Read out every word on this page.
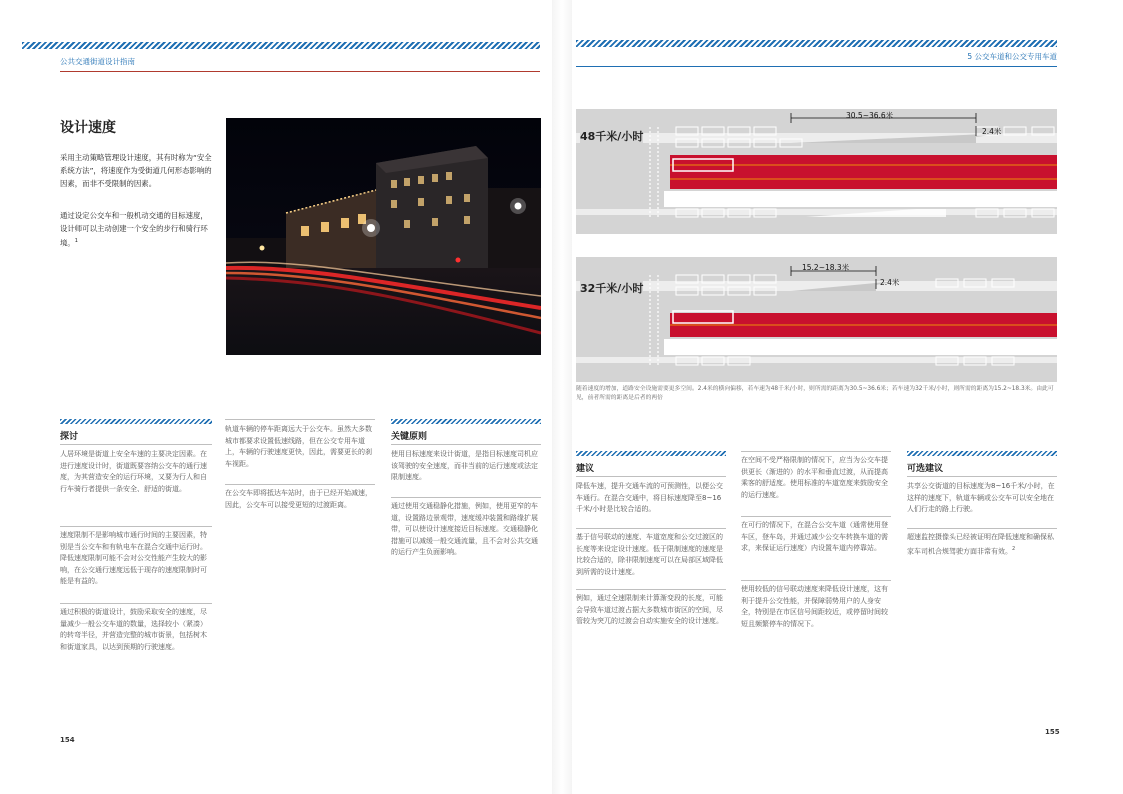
公共交通街道设计指南
设计速度
采用主动策略管理设计速度，其有时称为“安全系统方法”，将速度作为受街道几何形态影响的因素，而非不受限制的因素。
通过设定公交车和一般机动交通的目标速度，设计师可以主动创建一个安全的步行和骑行环境。$^1$
探讨
人居环境是街道上安全车速的主要决定因素。在进行速度设计时，街道既要容纳公交车的通行速度，为其营造安全的运行环境，又要为行人和自行车骑行者提供一条安全、舒适的街道。
速度限制不是影响城市通行时间的主要因素，特别是当公交车和有轨电车在混合交通中运行时。降低速度限制可能不会对公交性能产生较大的影响，在公交通行速度远低于现存的速度限制时可能是有益的。
通过积极的街道设计，鼓励采取安全的速度，尽量减少一般公交车道的数量，选择较小（紧凑）的转弯半径，并营造完整的城市街景，包括树木和街道家具，以达到预期的行驶速度。
轨道车辆的停车距离远大于公交车。虽然大多数城市都要求设置低速线路，但在公交专用车道上，车辆的行驶速度更快，因此，需要更长的刹车视距。
在公交车即将抵达车站时，由于已经开始减速，因此，公交车可以接受更短的过渡距离。
关键原则
使用目标速度来设计街道，是指目标速度司机应该驾驶的安全速度，而非当前的运行速度或法定限制速度。
通过使用交通稳静化措施，例如，使用更窄的车道，设置路边景观带，速度缓冲装置和路缘扩展带，可以使设计速度接近目标速度。交通稳静化措施可以减缓一般交通流量，且不会对公共交通的运行产生负面影响。
154
5 公交车道和公交专用车道
48千米/小时
30.5~36.6米
2.4米
32千米/小时
15.2~18.3米
2.4米
随着速度的增加，道路安全设施需要更多空间。2.4米的横向偏移，若车速为48千米/小时，则所需的距离为30.5~36.6米；若车速为32千米/小时，则所需的距离为15.2~18.3米。由此可见，前者所需的距离是后者的两倍
建议
降低车速，提升交通车流的可预测性，以便公交车通行。在混合交通中，将目标速度降至8~16千米/小时是比较合适的。
基于信号联动的速度、车道宽度和公交过渡区的长度等来设定设计速度。低于限制速度的速度是比较合适的，除非限制速度可以在局部区域降低到所需的设计速度。
例如，通过全速限制来计算渐变段的长度，可能会导致车道过渡占据大多数城市街区的空间，尽管较为突兀的过渡会自动实施安全的设计速度。
在空间不受严格限制的情况下，应当为公交车提供更长（渐进的）的水平和垂直过渡，从而提高乘客的舒适度。使用标准的车道宽度来鼓励安全的运行速度。
在可行的情况下，在混合公交车道（通常使用登车区，登车岛，并通过减少公交车转换车道的需求，来保证运行速度）内设置车道内停靠站。
使用较低的信号联动速度来降低设计速度，这有利于提升公交性能，并保障弱势用户的人身安全，特别是在市区信号间距较近，或停留时间较短且频繁停车的情况下。
可选建议
共享公交街道的目标速度为8~16千米/小时，在这样的速度下，轨道车辆或公交车可以安全地在人们行走的路上行驶。
超速监控摄像头已经被证明在降低速度和确保私家车司机合规驾驶方面非常有效。$^2$
155
